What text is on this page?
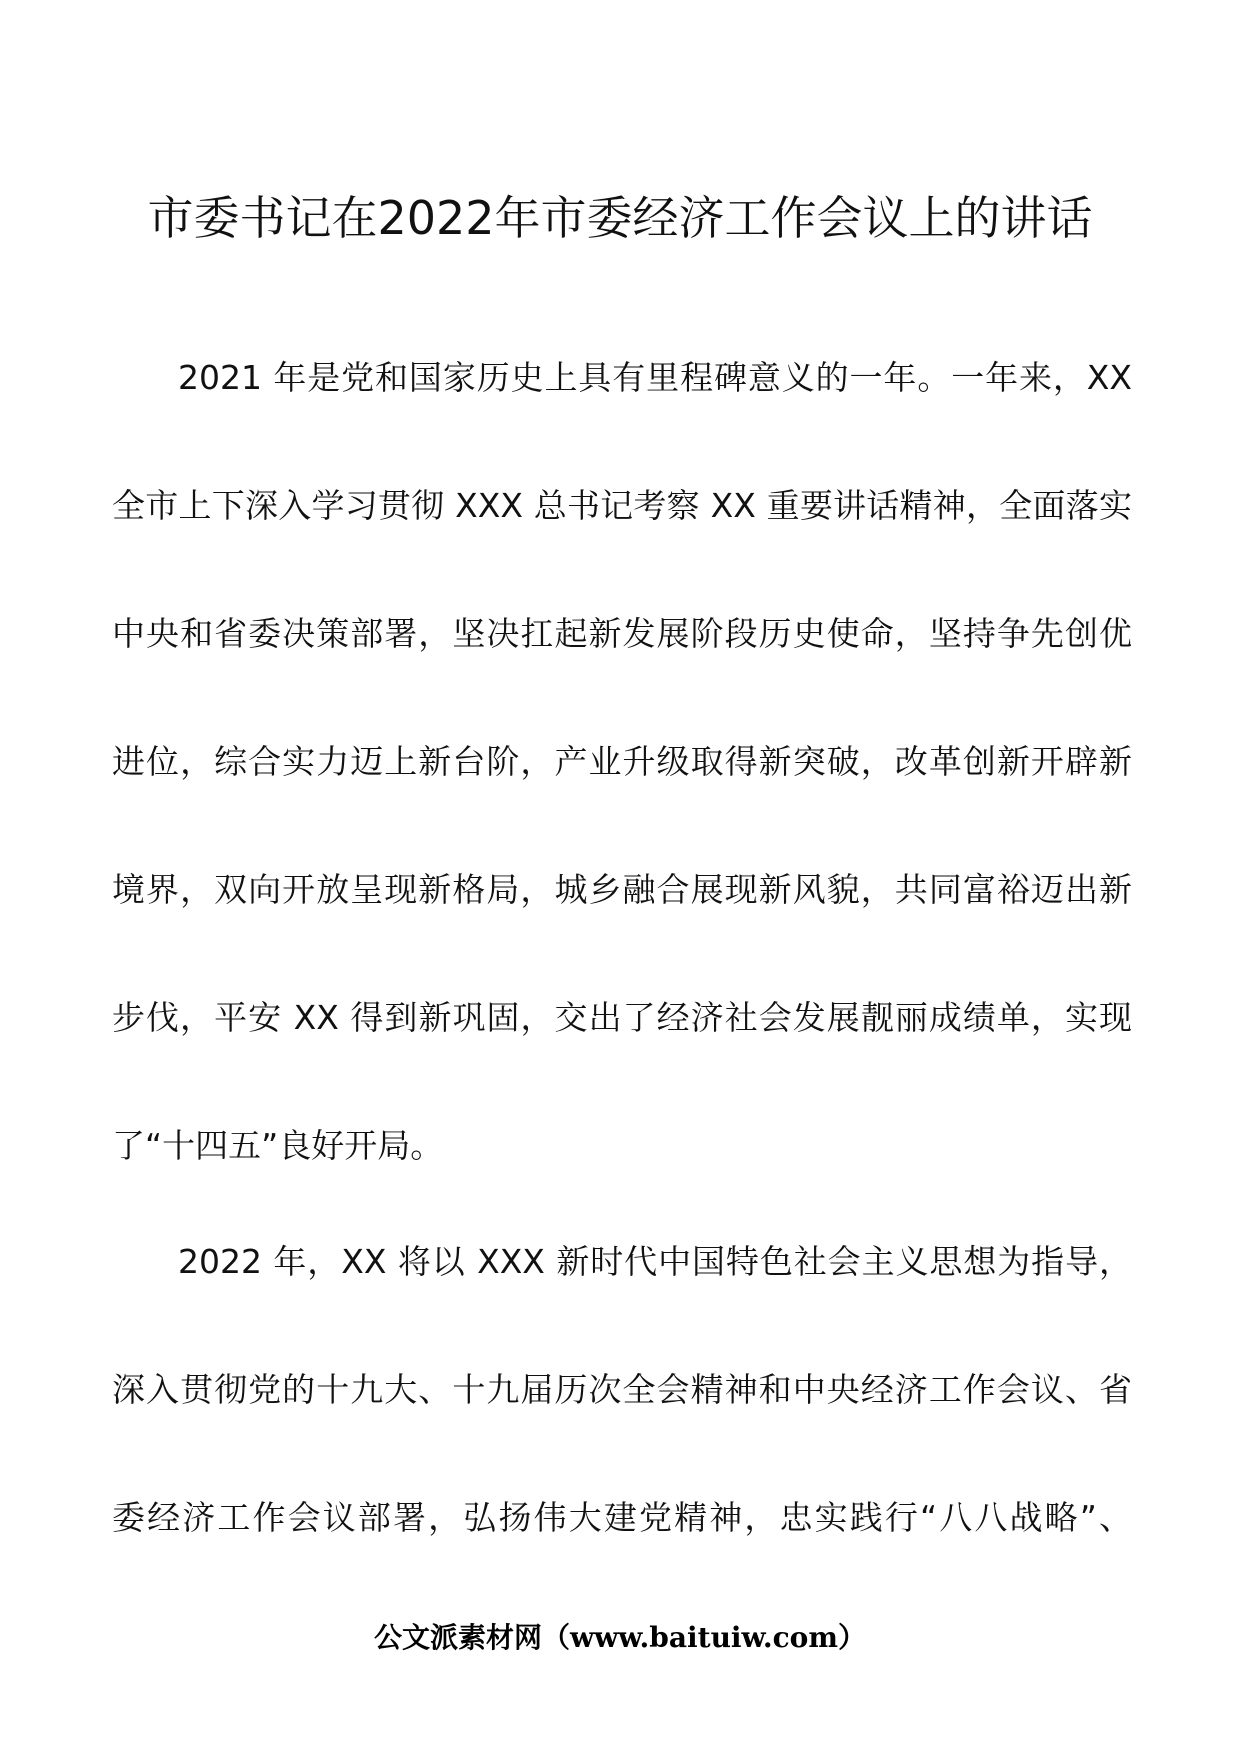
市委书记在2022年市委经济工作会议上的讲话

2021 年是党和国家历史上具有里程碑意义的一年。一年来，XX

全市上下深入学习贯彻 XXX 总书记考察 XX 重要讲话精神，全面落实

中央和省委决策部署，坚决扛起新发展阶段历史使命，坚持争先创优

进位，综合实力迈上新台阶，产业升级取得新突破，改革创新开辟新

境界，双向开放呈现新格局，城乡融合展现新风貌，共同富裕迈出新

步伐，平安 XX 得到新巩固，交出了经济社会发展靓丽成绩单，实现

了“十四五”良好开局。

2022 年，XX 将以 XXX 新时代中国特色社会主义思想为指导，

深入贯彻党的十九大、十九届历次全会精神和中央经济工作会议、省

委经济工作会议部署，弘扬伟大建党精神，忠实践行“八八战略”、

公文派素材网（www.baituiw.com）
